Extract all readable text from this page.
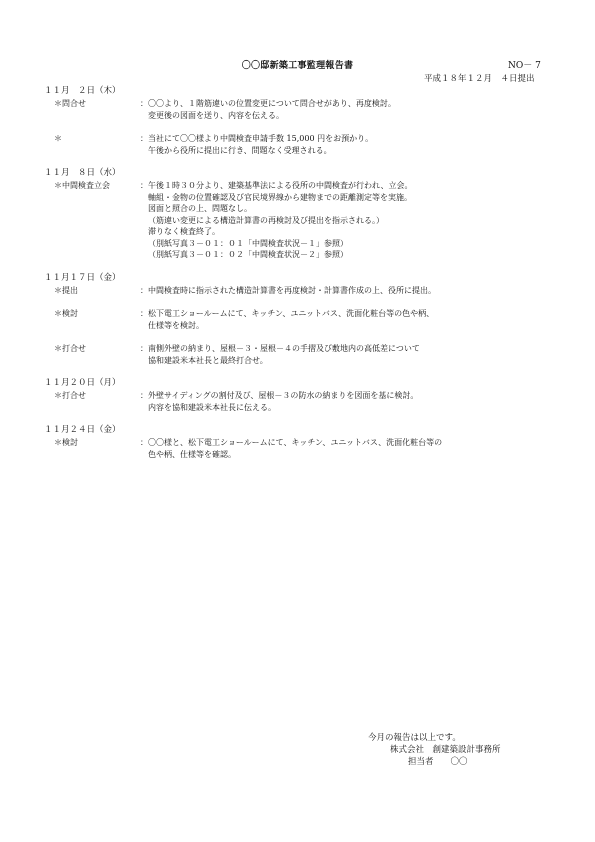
〇〇邸新築工事監理報告書	NO－ 7
平成１８年１２月　４日提出
１１月　２日（木）
＊問合せ	： 〇〇より、１階筋違いの位置変更について問合せがあり、再度検討。
変更後の図面を送り、内容を伝える。
＊	： 当社にて〇〇様より中間検査申請手数 15,000 円をお預かり。
午後から役所に提出に行き、問題なく受理される。
１１月　８日（水）
＊中間検査立会	： 午後１時３０分より、建築基準法による役所の中間検査が行われ、立会。
軸組・金物の位置確認及び官民境界線から建物までの距離測定等を実施。
図面と照合の上、問題なし。
（筋違い変更による構造計算書の再検討及び提出を指示される。）
滞りなく検査終了。
（別紙写真３－０１：０１「中間検査状況－１」参照）
（別紙写真３－０１：０２「中間検査状況－２」参照）
１１月１７日（金）
＊提出	： 中間検査時に指示された構造計算書を再度検討・計算書作成の上、役所に提出。
＊検討	： 松下電工ショールームにて、キッチン、ユニットバス、洗面化粧台等の色や柄、
仕様等を検討。
＊打合せ	： 南側外壁の納まり、屋根－３・屋根－４の手摺及び敷地内の高低差について
協和建設米本社長と最終打合せ。
１１月２０日（月）
＊打合せ	： 外壁サイディングの割付及び、屋根－３の防水の納まりを図面を基に検討。
内容を協和建設米本社長に伝える。
１１月２４日（金）
＊検討	： 〇〇様と、松下電工ショールームにて、キッチン、ユニットバス、洗面化粧台等の
色や柄、仕様等を確認。
今月の報告は以上です。
株式会社　創建築設計事務所
担当者　　〇〇
